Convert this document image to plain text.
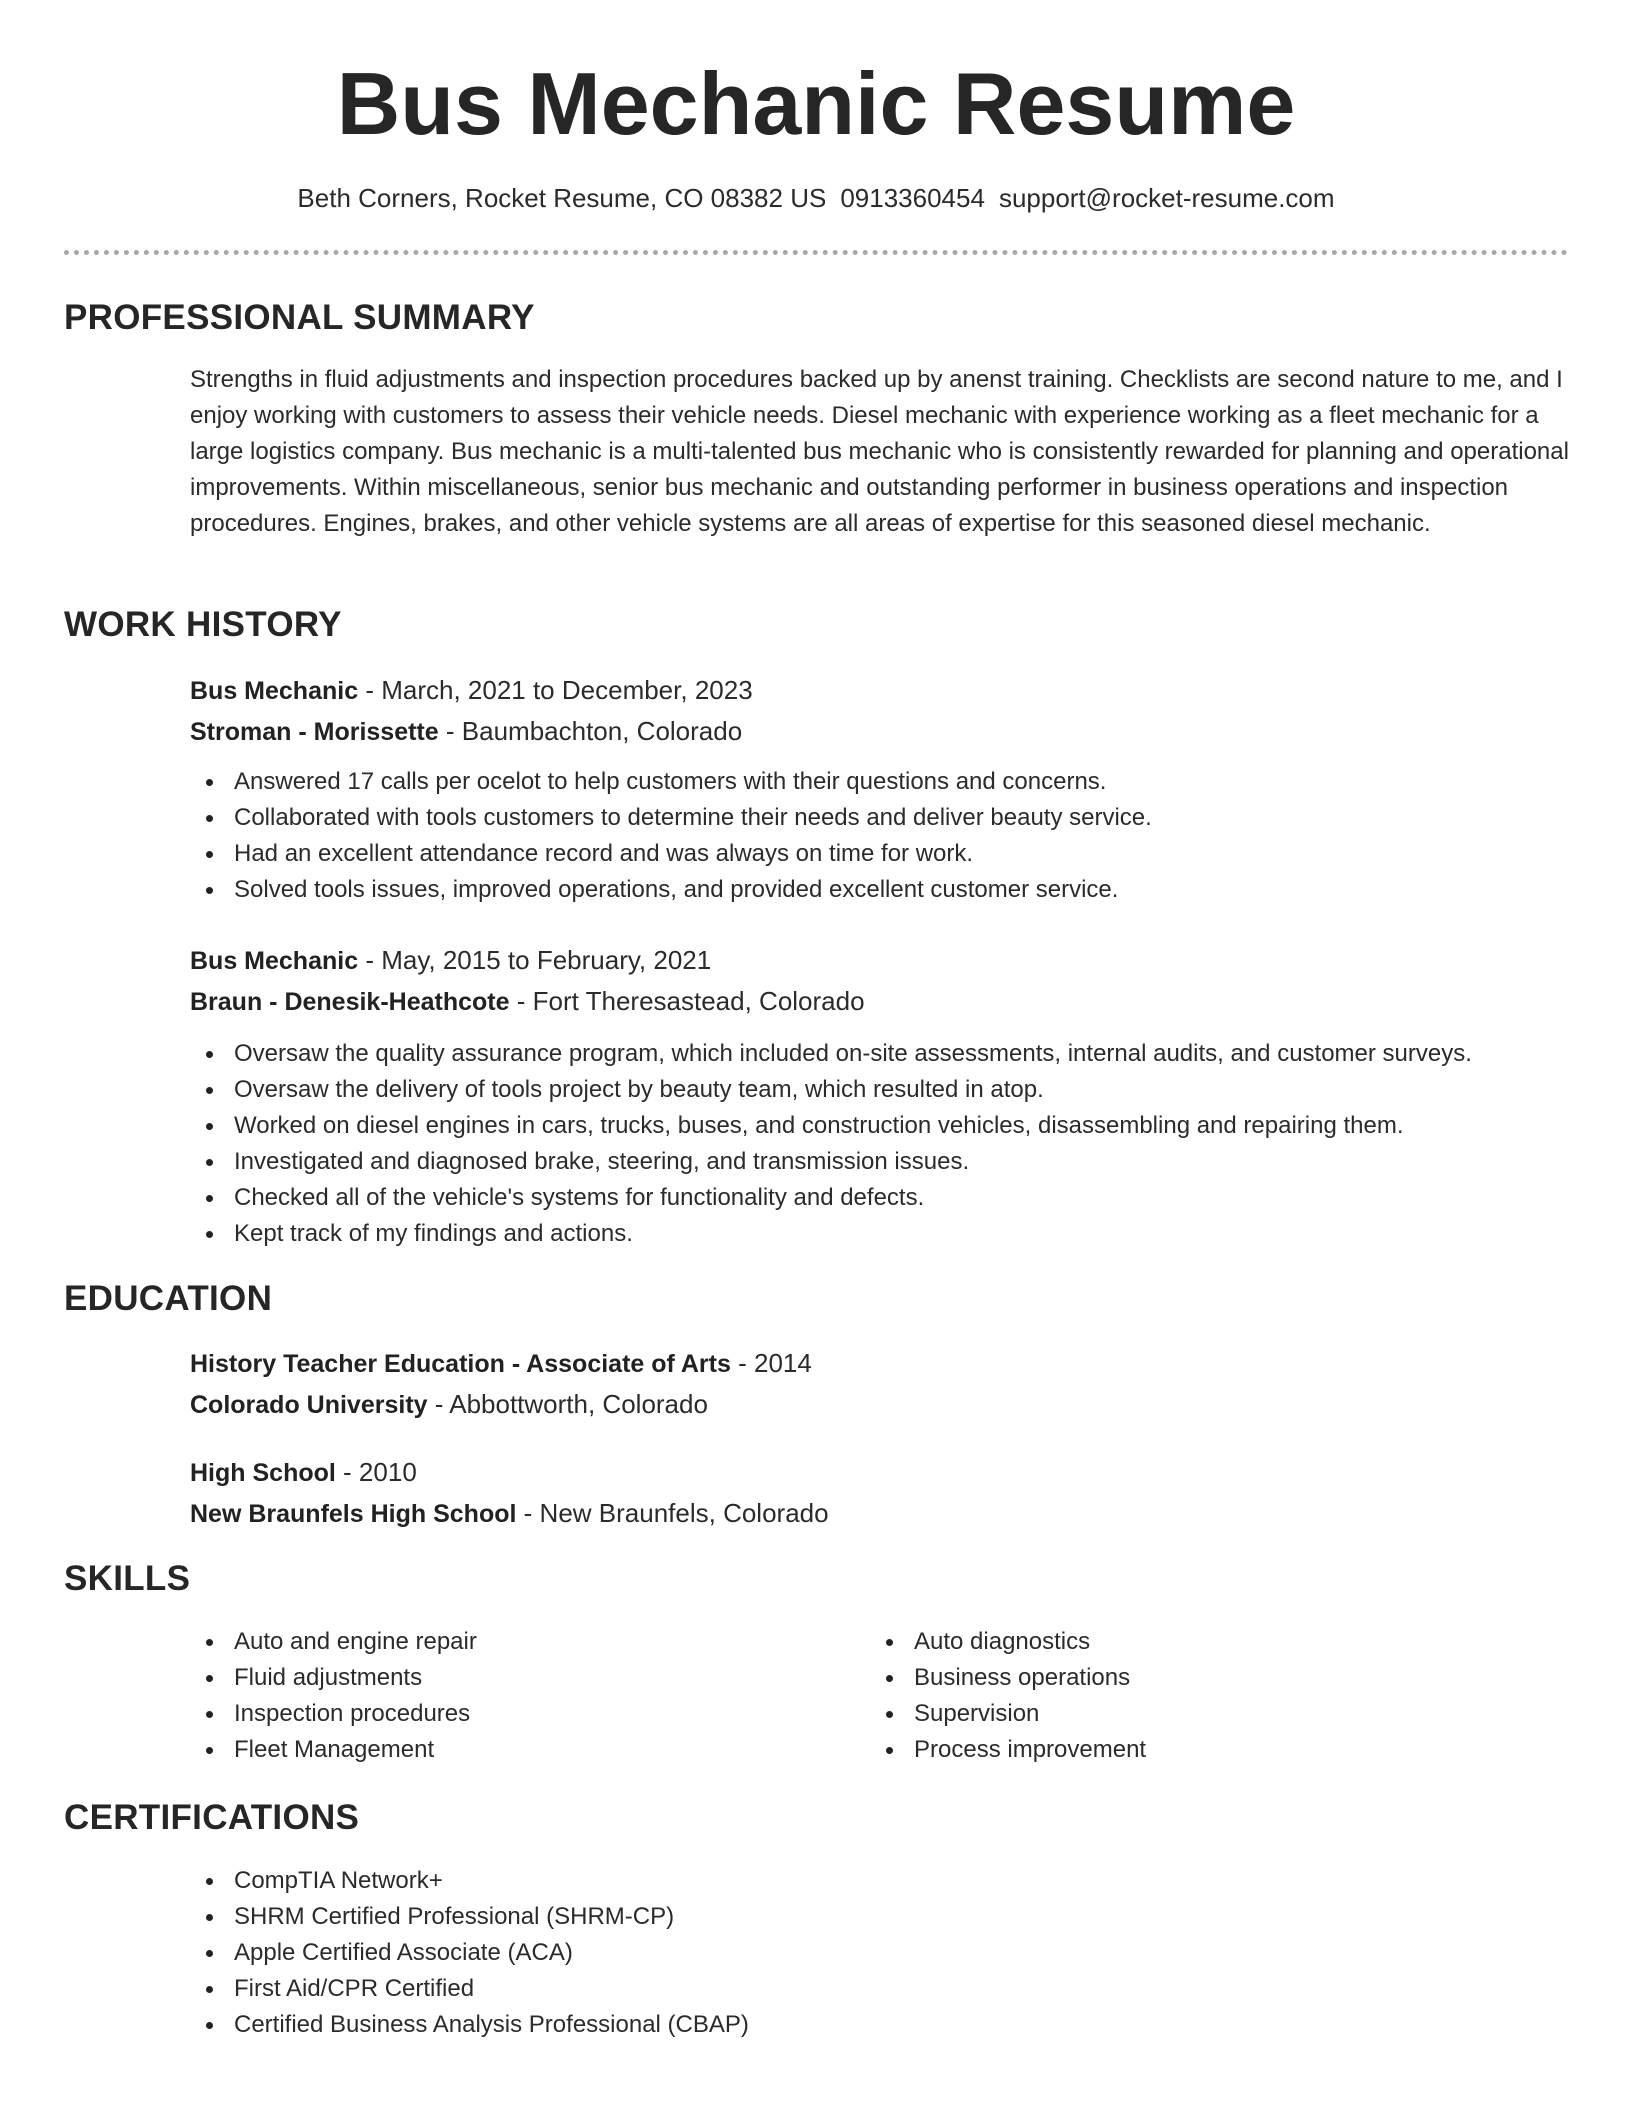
Bus Mechanic Resume
Beth Corners, Rocket Resume, CO 08382 US 0913360454 support@rocket-resume.com
PROFESSIONAL SUMMARY

Strengths in fluid adjustments and inspection procedures backed up by anenst training. Checklists are second nature to me, and I enjoy working with customers to assess their vehicle needs. Diesel mechanic with experience working as a fleet mechanic for a large logistics company. Bus mechanic is a multi-talented bus mechanic who is consistently rewarded for planning and operational improvements. Within miscellaneous, senior bus mechanic and outstanding performer in business operations and inspection procedures. Engines, brakes, and other vehicle systems are all areas of expertise for this seasoned diesel mechanic.

WORK HISTORY
Bus Mechanic - March, 2021 to December, 2023
Stroman - Morissette - Baumbachton, Colorado
Answered 17 calls per ocelot to help customers with their questions and concerns.
Collaborated with tools customers to determine their needs and deliver beauty service.
Had an excellent attendance record and was always on time for work.
Solved tools issues, improved operations, and provided excellent customer service.
Bus Mechanic - May, 2015 to February, 2021
Braun - Denesik-Heathcote - Fort Theresastead, Colorado
Oversaw the quality assurance program, which included on-site assessments, internal audits, and customer surveys.
Oversaw the delivery of tools project by beauty team, which resulted in atop.
Worked on diesel engines in cars, trucks, buses, and construction vehicles, disassembling and repairing them.
Investigated and diagnosed brake, steering, and transmission issues.
Checked all of the vehicle's systems for functionality and defects.
Kept track of my findings and actions.
EDUCATION
History Teacher Education - Associate of Arts - 2014
Colorado University - Abbottworth, Colorado
High School - 2010
New Braunfels High School - New Braunfels, Colorado
SKILLS
Auto and engine repair
Fluid adjustments
Inspection procedures
Fleet Management
Auto diagnostics
Business operations
Supervision
Process improvement
CERTIFICATIONS
CompTIA Network+
SHRM Certified Professional (SHRM-CP)
Apple Certified Associate (ACA)
First Aid/CPR Certified
Certified Business Analysis Professional (CBAP)
